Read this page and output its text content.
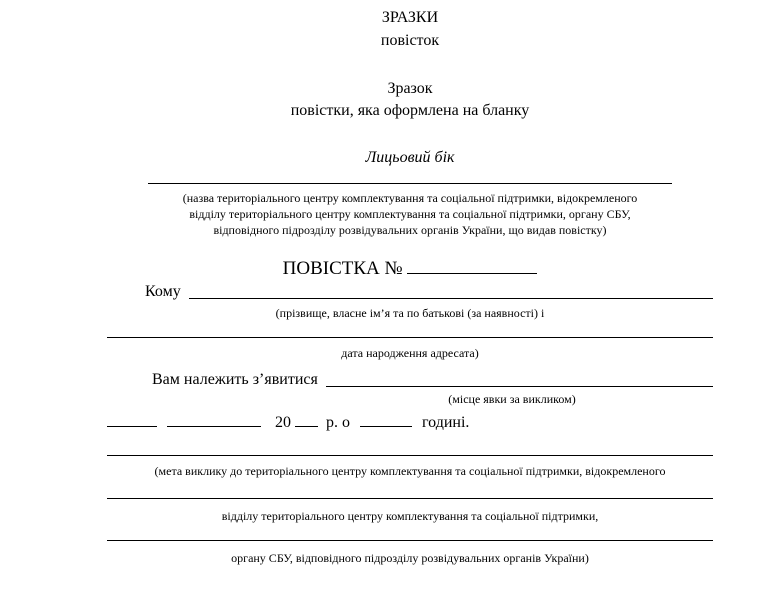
ЗРАЗКИ
повісток
Зразок
повістки, яка оформлена на бланку
Лицьовий бік
(назва територіального центру комплектування та соціальної підтримки, відокремленого
відділу територіального центру комплектування та соціальної підтримки, органу СБУ,
відповідного підрозділу розвідувальних органів України, що видав повістку)
ПОВІСТКА №
Кому
(прізвище, власне ім’я та по батькові (за наявності) і
дата народження адресата)
Вам належить з’явитися
(місце явки за викликом)
20 р. о	годині.
(мета виклику до територіального центру комплектування та соціальної підтримки, відокремленого
відділу територіального центру комплектування та соціальної підтримки,
органу СБУ, відповідного підрозділу розвідувальних органів України)
